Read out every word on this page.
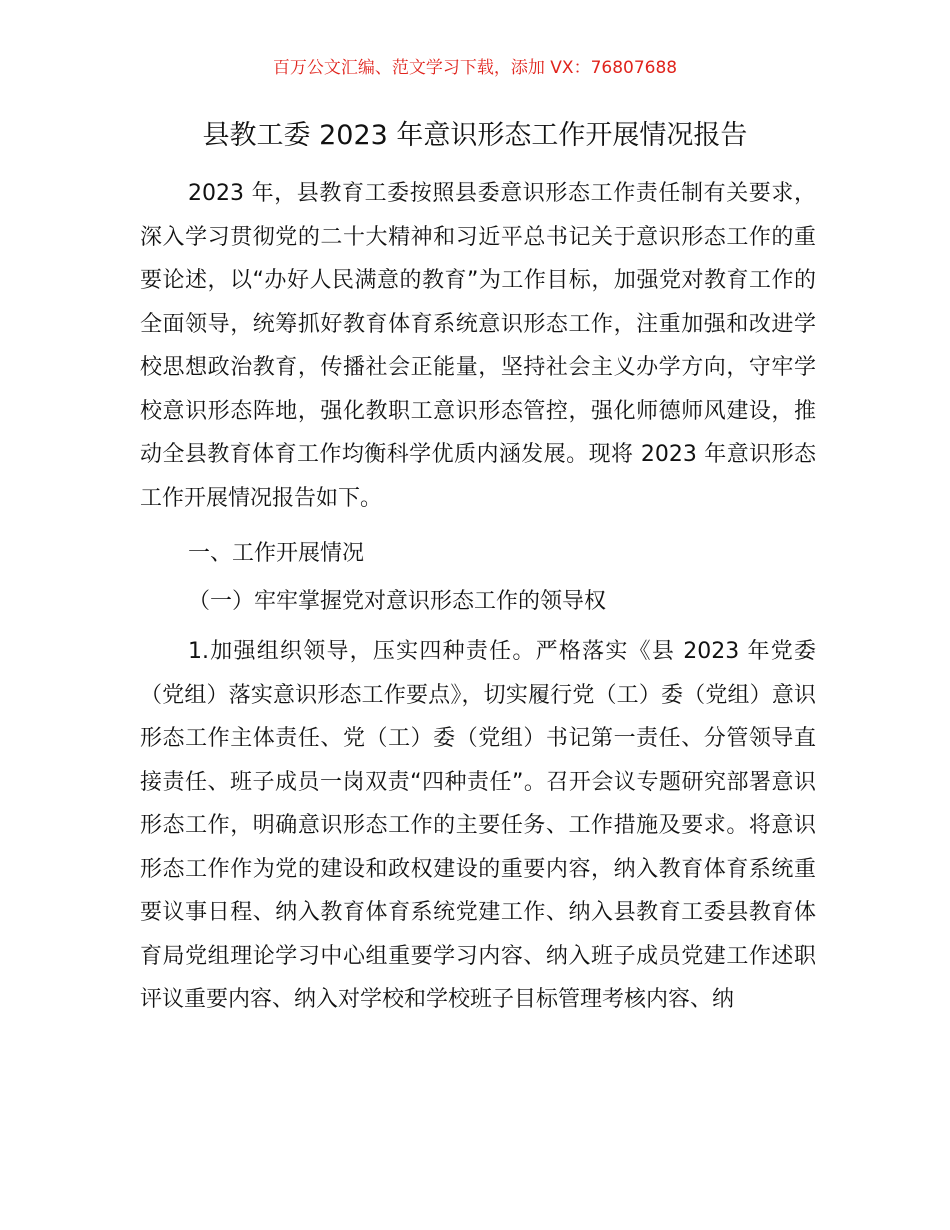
百万公文汇编、范文学习下载，添加 VX：76807688
县教工委 2023 年意识形态工作开展情况报告

2023 年，县教育工委按照县委意识形态工作责任制有关要求，深入学习贯彻党的二十大精神和习近平总书记关于意识形态工作的重要论述，以“办好人民满意的教育”为工作目标，加强党对教育工作的全面领导，统筹抓好教育体育系统意识形态工作，注重加强和改进学校思想政治教育，传播社会正能量，坚持社会主义办学方向，守牢学校意识形态阵地，强化教职工意识形态管控，强化师德师风建设，推动全县教育体育工作均衡科学优质内涵发展。现将 2023 年意识形态工作开展情况报告如下。

一、工作开展情况

（一）牢牢掌握党对意识形态工作的领导权

1.加强组织领导，压实四种责任。严格落实《县 2023 年党委（党组）落实意识形态工作要点》，切实履行党（工）委（党组）意识形态工作主体责任、党（工）委（党组）书记第一责任、分管领导直接责任、班子成员一岗双责“四种责任”。召开会议专题研究部署意识形态工作，明确意识形态工作的主要任务、工作措施及要求。将意识形态工作作为党的建设和政权建设的重要内容，纳入教育体育系统重要议事日程、纳入教育体育系统党建工作、纳入县教育工委县教育体育局党组理论学习中心组重要学习内容、纳入班子成员党建工作述职评议重要内容、纳入对学校和学校班子目标管理考核内容、纳
